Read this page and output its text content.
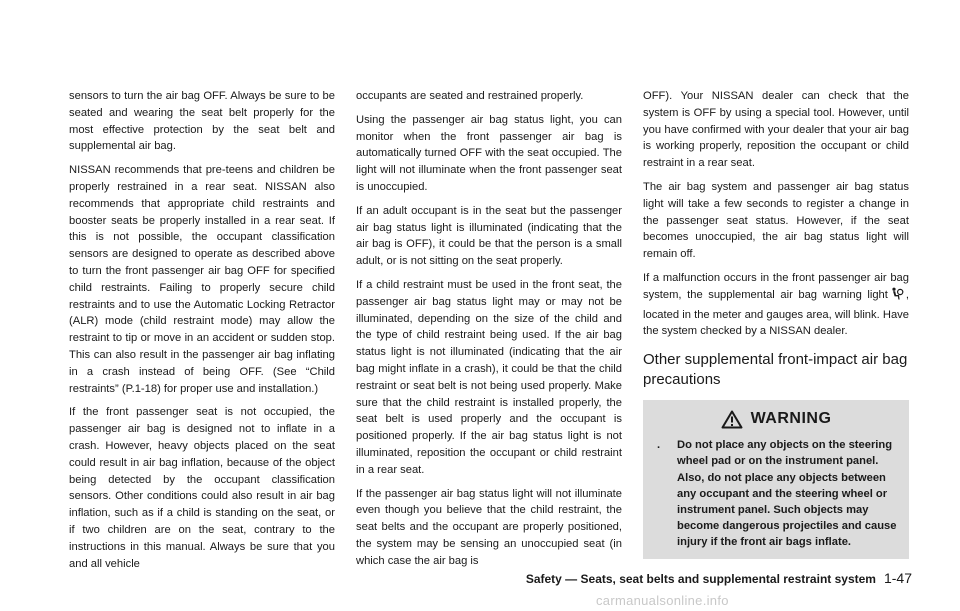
sensors to turn the air bag OFF. Always be sure to be seated and wearing the seat belt properly for the most effective protection by the seat belt and supplemental air bag.

NISSAN recommends that pre-teens and children be properly restrained in a rear seat. NISSAN also recommends that appropriate child restraints and booster seats be properly installed in a rear seat. If this is not possible, the occupant classification sensors are designed to operate as described above to turn the front passenger air bag OFF for specified child restraints. Failing to properly secure child restraints and to use the Automatic Locking Retractor (ALR) mode (child restraint mode) may allow the restraint to tip or move in an accident or sudden stop. This can also result in the passenger air bag inflating in a crash instead of being OFF. (See “Child restraints” (P.1-18) for proper use and installation.)

If the front passenger seat is not occupied, the passenger air bag is designed not to inflate in a crash. However, heavy objects placed on the seat could result in air bag inflation, because of the object being detected by the occupant classification sensors. Other conditions could also result in air bag inflation, such as if a child is standing on the seat, or if two children are on the seat, contrary to the instructions in this manual. Always be sure that you and all vehicle

occupants are seated and restrained properly.

Using the passenger air bag status light, you can monitor when the front passenger air bag is automatically turned OFF with the seat occupied. The light will not illuminate when the front passenger seat is unoccupied.

If an adult occupant is in the seat but the passenger air bag status light is illuminated (indicating that the air bag is OFF), it could be that the person is a small adult, or is not sitting on the seat properly.

If a child restraint must be used in the front seat, the passenger air bag status light may or may not be illuminated, depending on the size of the child and the type of child restraint being used. If the air bag status light is not illuminated (indicating that the air bag might inflate in a crash), it could be that the child restraint or seat belt is not being used properly. Make sure that the child restraint is installed properly, the seat belt is used properly and the occupant is positioned properly. If the air bag status light is not illuminated, reposition the occupant or child restraint in a rear seat.

If the passenger air bag status light will not illuminate even though you believe that the child restraint, the seat belts and the occupant are properly positioned, the system may be sensing an unoccupied seat (in which case the air bag is

OFF). Your NISSAN dealer can check that the system is OFF by using a special tool. However, until you have confirmed with your dealer that your air bag is working properly, reposition the occupant or child restraint in a rear seat.

The air bag system and passenger air bag status light will take a few seconds to register a change in the passenger seat status. However, if the seat becomes unoccupied, the air bag status light will remain off.

If a malfunction occurs in the front passenger air bag system, the supplemental air bag warning light , located in the meter and gauges area, will blink. Have the system checked by a NISSAN dealer.

Other supplemental front-impact air bag precautions
WARNING
.	Do not place any objects on the steering wheel pad or on the instrument panel. Also, do not place any objects between any occupant and the steering wheel or instrument panel. Such objects may become dangerous projectiles and cause injury if the front air bags inflate.
Safety — Seats, seat belts and supplemental restraint system 1-47
carmanualsonline.info
